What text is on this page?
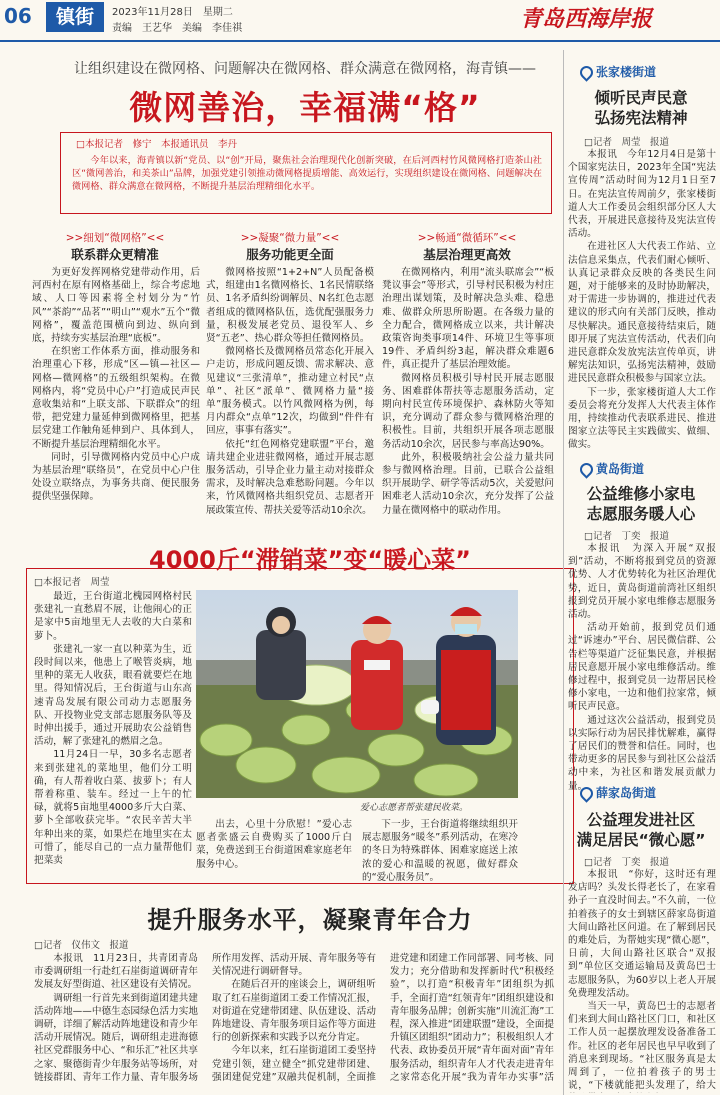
06	镇街	2023年11月28日　星期二
责编　王艺华　美编　李佳祺	青岛西海岸报
让组织建设在微网格、问题解决在微网格、群众满意在微网格，海青镇——
微网善治，幸福满“格”
□本报记者　修宁　本报通讯员　李丹
今年以来，海青镇以新“党员、以“创”开局，聚焦社会治理现代化创新突破，在后河西村竹风微网格打造茶山社区“微网善治，和美茶山”品牌，加强党建引领推动微网格提质增能、高效运行，实现组织建设在微网格、问题解决在微网格、群众满意在微网格，不断提升基层治理精细化水平。
>>细划“微网格”<<
联系群众更精准

为更好发挥网格党建带动作用，后河西村在原有网格基础上，综合考虑地域、人口等因素将全村划分为“竹风”“茶韵”“品茗”“明山”“观水”五个“微网格”，覆盖范围横向到边、纵向到底，持续夯实基层治理“底板”。

在织密工作体系方面，推动服务和治理重心下移，形成“区—镇—社区—网格—微网格”的五级组织架构。在微网格内，将“党员中心户”打造成民声民意收集站和“上联支部、下联群众”的纽带，把党建力量延伸到微网格里，把基层党建工作触角延伸到户、具体到人，不断提升基层治理精细化水平。

同时，引导微网格内党员中心户成为基层治理“联络员”，在党员中心户住处设立联络点，为事务共商、便民服务提供坚强保障。

>>凝聚“微力量”<<
服务功能更全面

微网格按照“1+2+N”人员配备模式，组建由1名微网格长、1名民情联络员、1名矛盾纠纷调解员、N名红色志愿者组成的微网格队伍，选优配强服务力量，积极发展老党员、退役军人、乡贤“五老”、热心群众等担任微网格员。

微网格长及微网格员常态化开展入户走访，形成问题反馈、需求解决、意见建议“三张清单”，推动建立村民“点单”、社区“派单”、微网格力量“接单”服务模式。以竹风微网格为例，每月内群众“点单”12次，均做到“件件有回应，事事有落实”。

依托“红色网格党建联盟”平台，邀请共建企业进驻微网格，通过开展志愿服务活动，引导企业力量主动对接群众需求，及时解决急难愁盼问题。今年以来，竹风微网格共组织党员、志愿者开展政策宣传、帮扶关爱等活动10余次。

>>畅通“微循环”<<
基层治理更高效

在微网格内，利用“流头联席会”“板凳议事会”等形式，引导村民积极为村庄治理出谋划策，及时解决急头难、稳患难、做群众所思所盼题。在各级力量的全力配合，微网格成立以来，共计解决政策咨询类事项14件、环境卫生等事项19件、矛盾纠纷3起，解决群众难题6件，真正提升了基层治理效能。

微网格员积极引导村民开展志愿服务、困难群体帮扶等志愿服务活动，定期向村民宣传环境保护、森林防火等知识，充分调动了群众参与微网格治理的积极性。目前，共组织开展各项志愿服务活动10余次，居民参与率高达90%。

此外，积极吸纳社会公益力量共同参与微网格治理。目前，已联合公益组织开展助学、研学等活动5次，关爱慰问困难老人活动10余次，充分发挥了公益力量在微网格中的联动作用。

4000斤“滞销菜”变“暖心菜”
□本报记者　周莹

最近，王台街道北槐园网格村民张建礼一直愁眉不展，让他闹心的正是家中5亩地里无人去收的大白菜和萝卜。

张建礼一家一直以种菜为生，近段时间以来，他患上了喉管炎病，地里种的菜无人收获，眼看就要烂在地里。得知情况后，王台街道与山东高速青岛发展有限公司动力志愿服务队、开投物业党支部志愿服务队等及时伸出援手，通过开展助农公益销售活动，解了张建礼的燃眉之急。

11月24日一早，30多名志愿者来到张建礼的菜地里，他们分工明确，有人帮着收白菜、拔萝卜；有人帮着称重、装车。经过一上午的忙碌，就将5亩地里4000多斤大白菜、萝卜全部收获完毕。“农民辛苦大半年种出来的菜，如果烂在地里实在太可惜了，能尽自己的一点力量帮他们把菜卖

爱心志愿者帮张建民收菜。

出去，心里十分欣慰！”爱心志愿者张盛云自费购买了1000斤白菜，免费送到王台街道困难家庭老年服务中心。

下一步，王台街道将继续组织开展志愿服务“暖冬”系列活动，在寒冷的冬日为特殊群体、困难家庭送上浓浓的爱心和温暖的祝愿，做好群众的“爱心服务员”。

提升服务水平，凝聚青年合力
□记者　仪伟文　报道

本报讯　11月23日，共青团青岛市委调研组一行赴红石崖街道调研青年发展友好型街道、社区建设有关情况。

调研组一行首先来到街道团建共建活动阵地——中德生态园绿色活力实地调研，详细了解活动阵地建设和青少年活动开展情况。随后，调研组走进海德社区党群服务中心、“和乐汇”社区共享之家、聚德街青少年服务站等场所，对链接群团、青年工作力量、青年服务场所作用发挥、活动开展、青年服务等有关情况进行调研督导。

在随后召开的座谈会上，调研组听取了红石崖街道团工委工作情况汇报，对街道在党建带团建、队伍建设、活动阵地建设、青年服务项目运作等方面进行的创新探索和实践予以充分肯定。

今年以来，红石崖街道团工委坚持党建引领，建立健全“抓党建带团建、强团建促党建”双融共促机制，全面推进党建和团建工作同部署、同考核、同发力；充分借助和发挥新时代“积极经验”，以打造“积极青年”团组织为抓手，全面打造“红领青年”团组织建设和青年服务品牌；创新实施“川流汇海”工程，深入推进“团建联盟”建设，全面提升镇区团组织“团动力”；积极组织人才代表、政协委员开展“青年面对面”青年服务活动，组织青年人才代表走进青年之家常态化开展“我为青年办实事”活

张家楼街道
倾听民声民意
弘扬宪法精神
□记者　周莹　报道

本报讯　今年12月4日是第十个国家宪法日，2023年全国“宪法宣传周”活动时间为12月1日至7日。在宪法宣传周前夕，张家楼街道人大工作委员会组织部分区人大代表，开展进民意接待及宪法宣传活动。

在进社区人大代表工作站、立法信息采集点，代表们耐心倾听、认真记录群众反映的各类民生问题，对于能够来的及时协助解决，对于需进一步协调的，推进过代表建议的形式向有关部门反映，推动尽快解决。通民意接待结束后，随即开展了宪法宣传活动，代表们向进民意群众发放宪法宣传单页，讲解宪法知识，弘扬宪法精神，鼓励进民民意群众积极参与国家立法。

下一步，张家楼街道人大工作委员会将充分发挥人大代表主体作用，持续推动代表联系进民、推进图家立法等民主实践做实、做细、做实。

黄岛街道
公益维修小家电
志愿服务暖人心
□记者　丁奕　报道

本报讯　为深入开展“双报到”活动，不断将报到党员的资源优势、人才优势转化为社区治理优势，近日，黄岛街道前湾社区组织报到党员开展小家电维修志愿服务活动。

活动开始前，报到党员们通过“诉速办”平台、居民微信群、公告栏等渠道广泛征集民意，并根据居民意愿开展小家电维修活动。维修过程中，报到党员一边帮居民检修小家电，一边和他们拉家常，倾听民声民意。

通过这次公益活动，报到党员以实际行动为居民排忧解难，赢得了居民们的赞誉和信任。同时，也带动更多的居民参与到社区公益活动中来，为社区和谐发展贡献力量。 薛家岛街道
公益理发进社区
满足居民“微心愿”
□记者　丁奕　报道

本报讯　“你好，这时还有理发店吗？头发长得老长了，在家看孙子一直没时间去。”不久前，一位拍着孩子的女士到辖区薛家岛街道大间山路社区问道。在了解到居民的难处后，为帮她实现“微心愿”，日前，大间山路社区联合“双报到”单位区交通运输局及黄岛巴士志愿服务队，为60岁以上老人开展免费理发活动。

当天一早，黄岛巴士的志愿者们来到大间山路社区门口，和社区工作人员一起摆放理发设备准备工作。社区的老年居民也早早收到了消息来到现场。“社区服务真是太周到了，一位拍着孩子的男士说，“下楼就能把头发理了，给大
